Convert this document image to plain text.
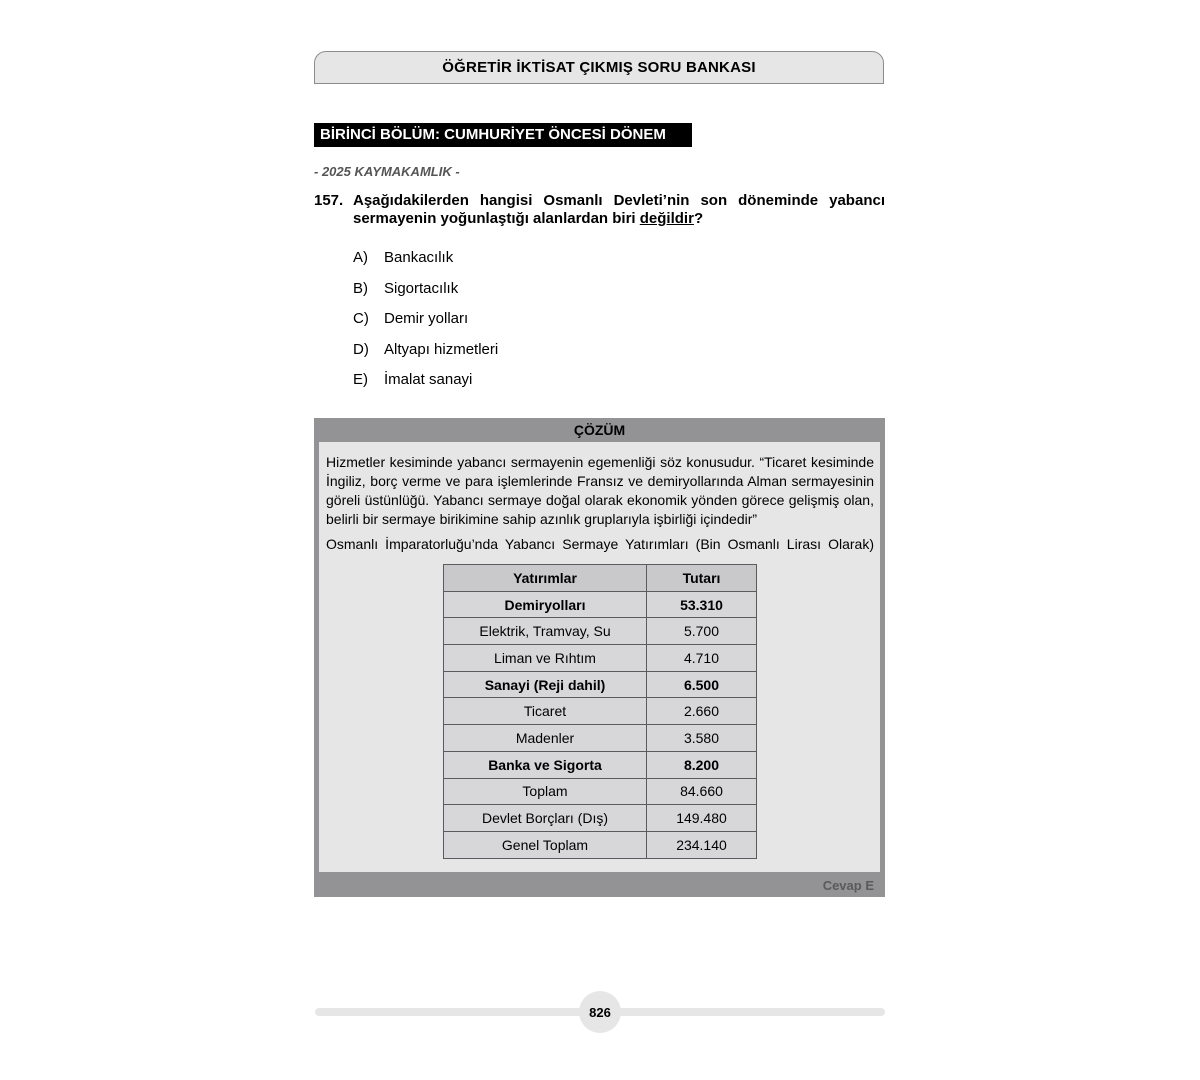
ÖĞRETİR İKTİSAT ÇIKMIŞ SORU BANKASI
BİRİNCİ BÖLÜM: CUMHURİYET ÖNCESİ DÖNEM
- 2025 KAYMAKAMLIK -
157. Aşağıdakilerden hangisi Osmanlı Devleti’nin son döneminde yabancı sermayenin yoğunlaştığı alanlardan biri değildir?
A) Bankacılık
B) Sigortacılık
C) Demir yolları
D) Altyapı hizmetleri
E) İmalat sanayi
ÇÖZÜM
Hizmetler kesiminde yabancı sermayenin egemenliği söz konusudur. “Ticaret kesiminde İngiliz, borç verme ve para işlemlerinde Fransız ve demiryollarında Alman sermayesinin göreli üstünlüğü. Yabancı sermaye doğal olarak ekonomik yönden görece gelişmiş olan, belirli bir sermaye birikimine sahip azınlık gruplarıyla işbirliği içindedir”
Osmanlı İmparatorluğu’nda Yabancı Sermaye Yatırımları (Bin Osmanlı Lirası Olarak)
Cevap E
Yatırımlar	Tutarı
Demiryolları	53.310
Elektrik, Tramvay, Su	5.700
Liman ve Rıhtım	4.710
Sanayi (Reji dahil)	6.500
Ticaret	2.660
Madenler	3.580
Banka ve Sigorta	8.200
Toplam	84.660
Devlet Borçları (Dış)	149.480
Genel Toplam	234.140
826
